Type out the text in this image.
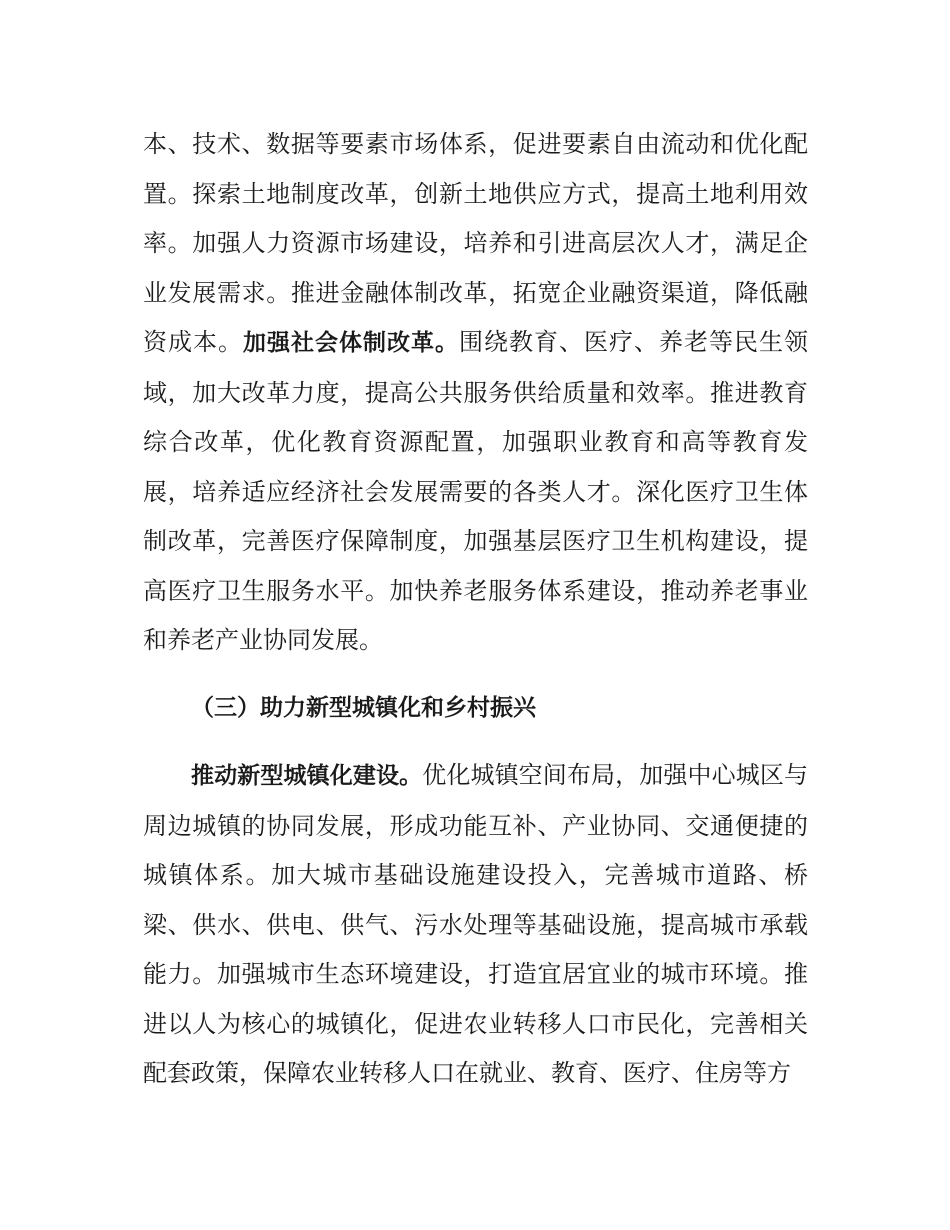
本、技术、数据等要素市场体系，促进要素自由流动和优化配置。探索土地制度改革，创新土地供应方式，提高土地利用效率。加强人力资源市场建设，培养和引进高层次人才，满足企业发展需求。推进金融体制改革，拓宽企业融资渠道，降低融资成本。加强社会体制改革。围绕教育、医疗、养老等民生领域，加大改革力度，提高公共服务供给质量和效率。推进教育综合改革，优化教育资源配置，加强职业教育和高等教育发展，培养适应经济社会发展需要的各类人才。深化医疗卫生体制改革，完善医疗保障制度，加强基层医疗卫生机构建设，提高医疗卫生服务水平。加快养老服务体系建设，推动养老事业和养老产业协同发展。

（三）助力新型城镇化和乡村振兴

推动新型城镇化建设。优化城镇空间布局，加强中心城区与周边城镇的协同发展，形成功能互补、产业协同、交通便捷的城镇体系。加大城市基础设施建设投入，完善城市道路、桥梁、供水、供电、供气、污水处理等基础设施，提高城市承载能力。加强城市生态环境建设，打造宜居宜业的城市环境。推进以人为核心的城镇化，促进农业转移人口市民化，完善相关配套政策，保障农业转移人口在就业、教育、医疗、住房等方
